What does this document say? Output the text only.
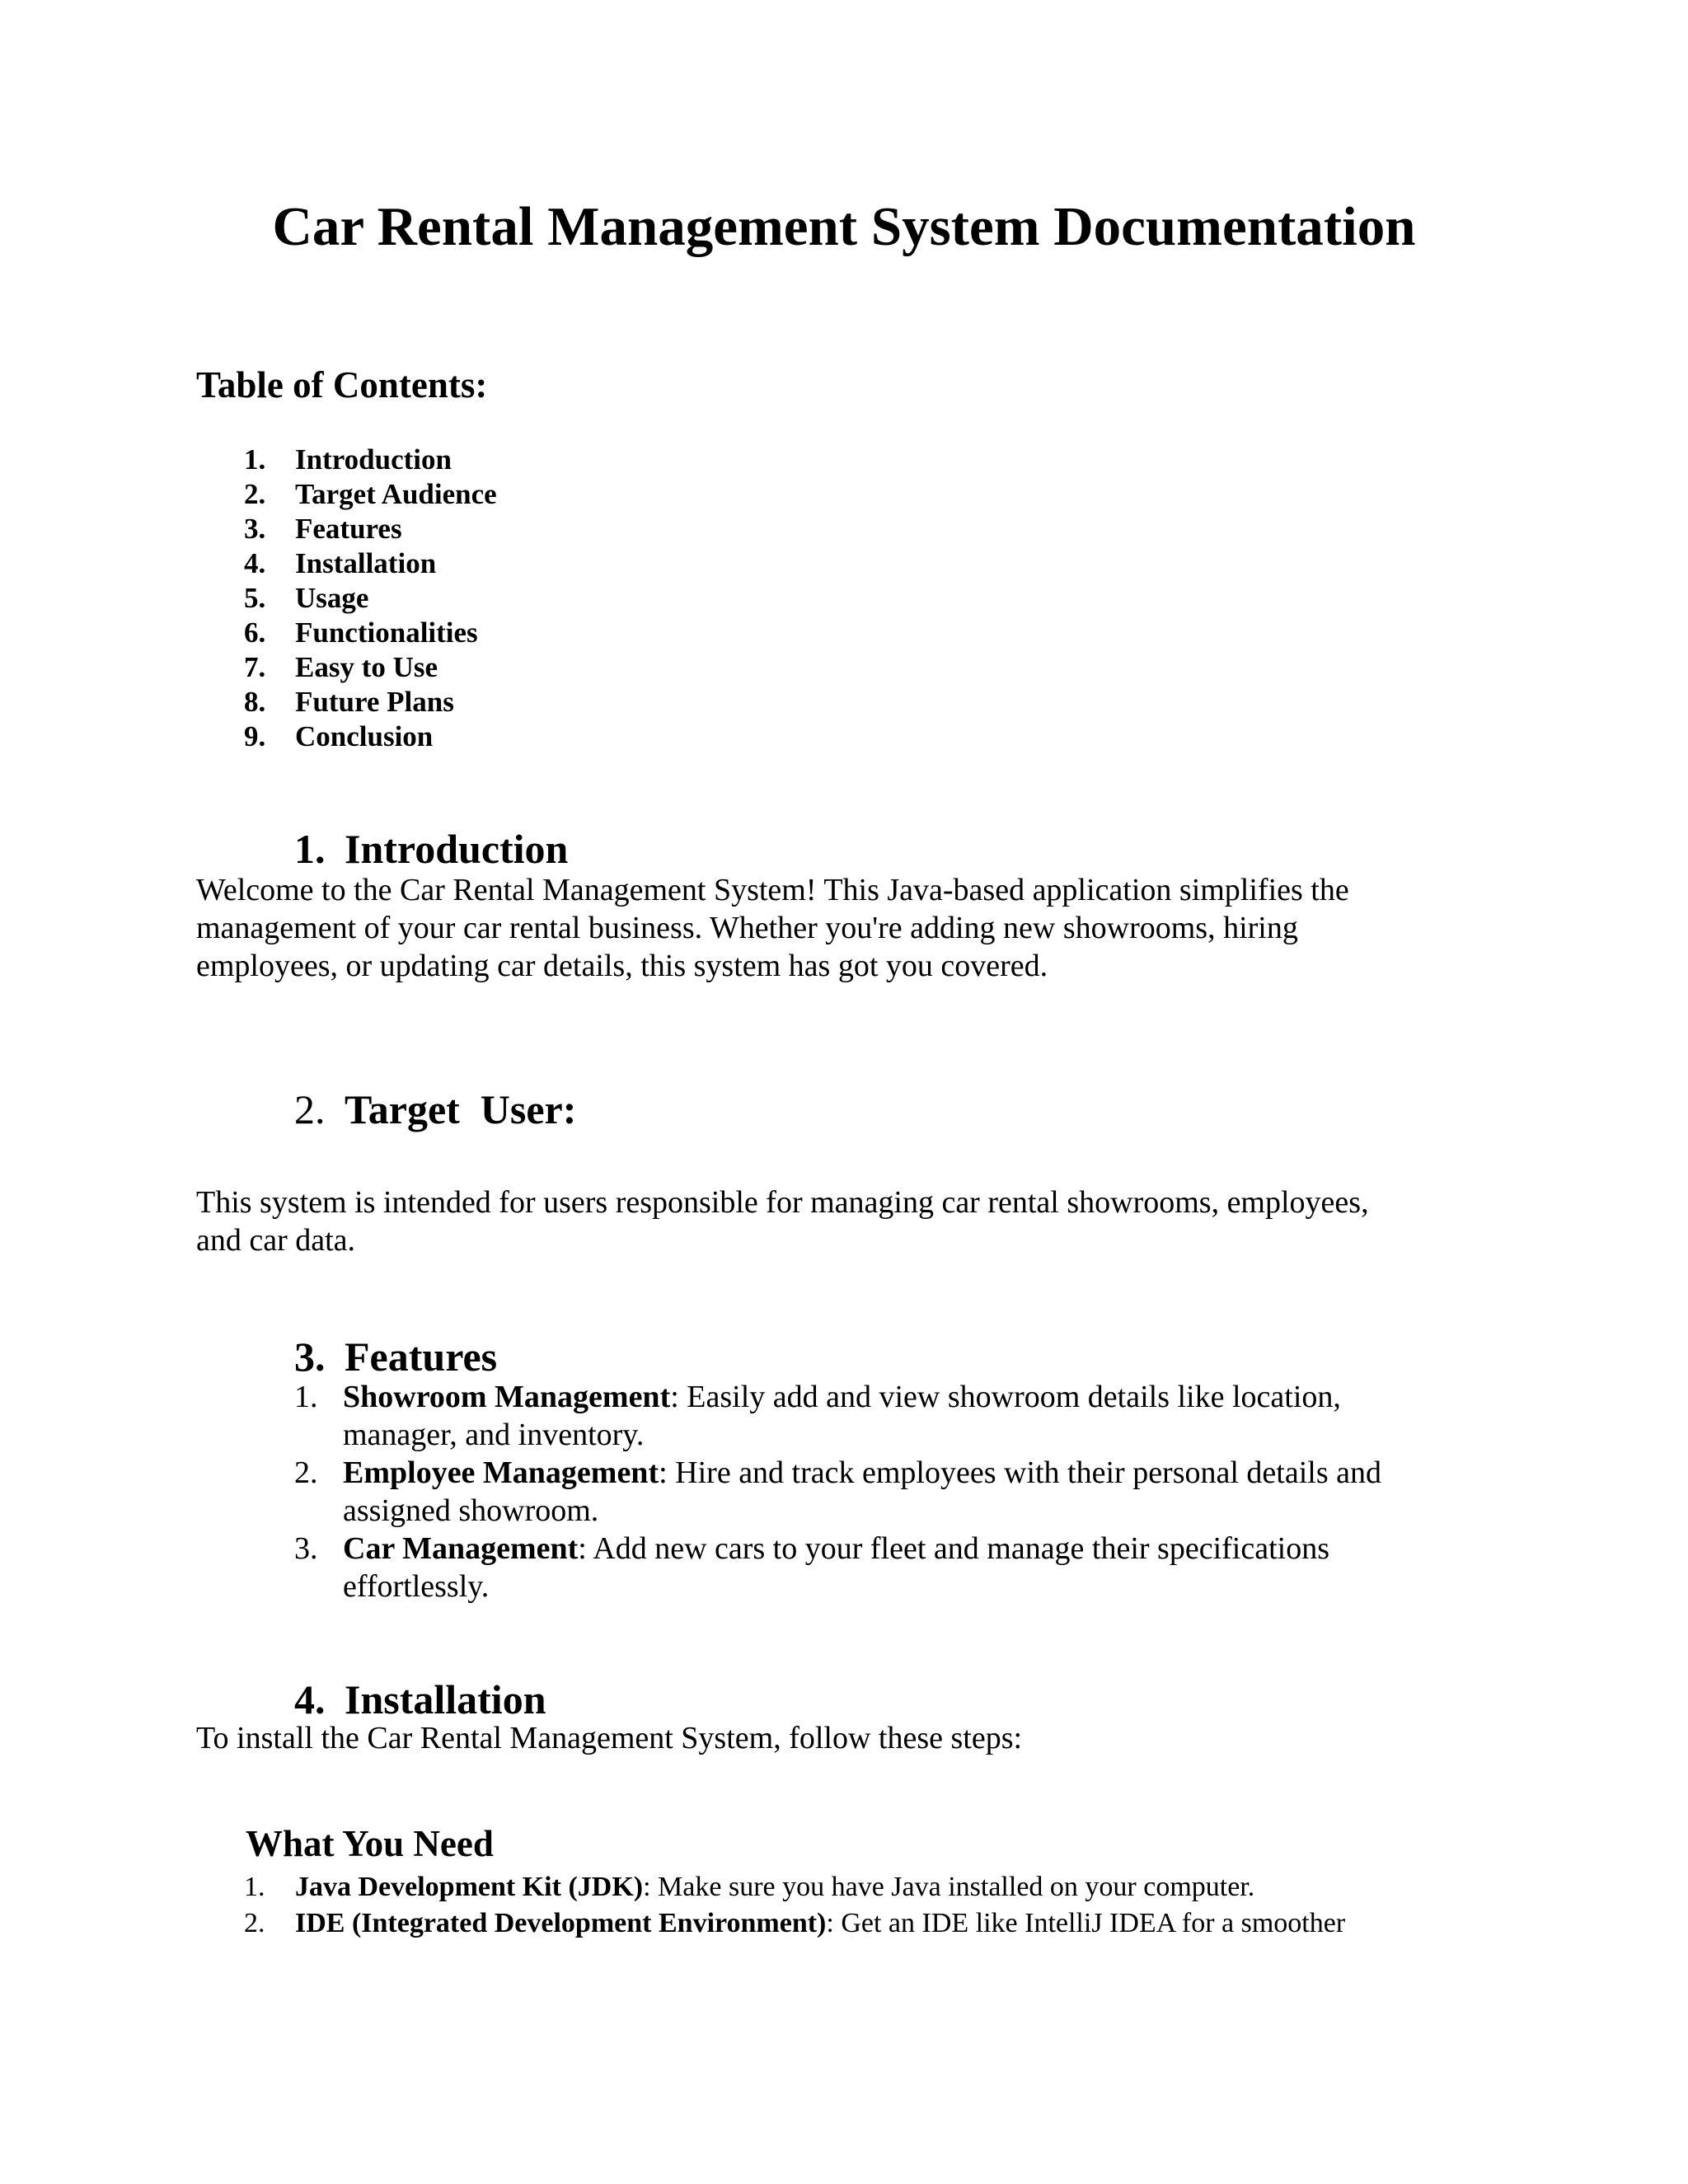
Car Rental Management System Documentation
Table of Contents:
1. Introduction
2. Target Audience
3. Features
4. Installation
5. Usage
6. Functionalities
7. Easy to Use
8. Future Plans
9. Conclusion
1. Introduction
Welcome to the Car Rental Management System! This Java-based application simplifies the
management of your car rental business. Whether you're adding new showrooms, hiring
employees, or updating car details, this system has got you covered.
2. Target  User:
This system is intended for users responsible for managing car rental showrooms, employees,
and car data.
3. Features
1. Showroom Management: Easily add and view showroom details like location,
manager, and inventory.
2. Employee Management: Hire and track employees with their personal details and
assigned showroom.
3. Car Management: Add new cars to your fleet and manage their specifications
effortlessly.
4. Installation
To install the Car Rental Management System, follow these steps:
What You Need
1. Java Development Kit (JDK): Make sure you have Java installed on your computer.
2. IDE (Integrated Development Environment): Get an IDE like IntelliJ IDEA for a smoother
